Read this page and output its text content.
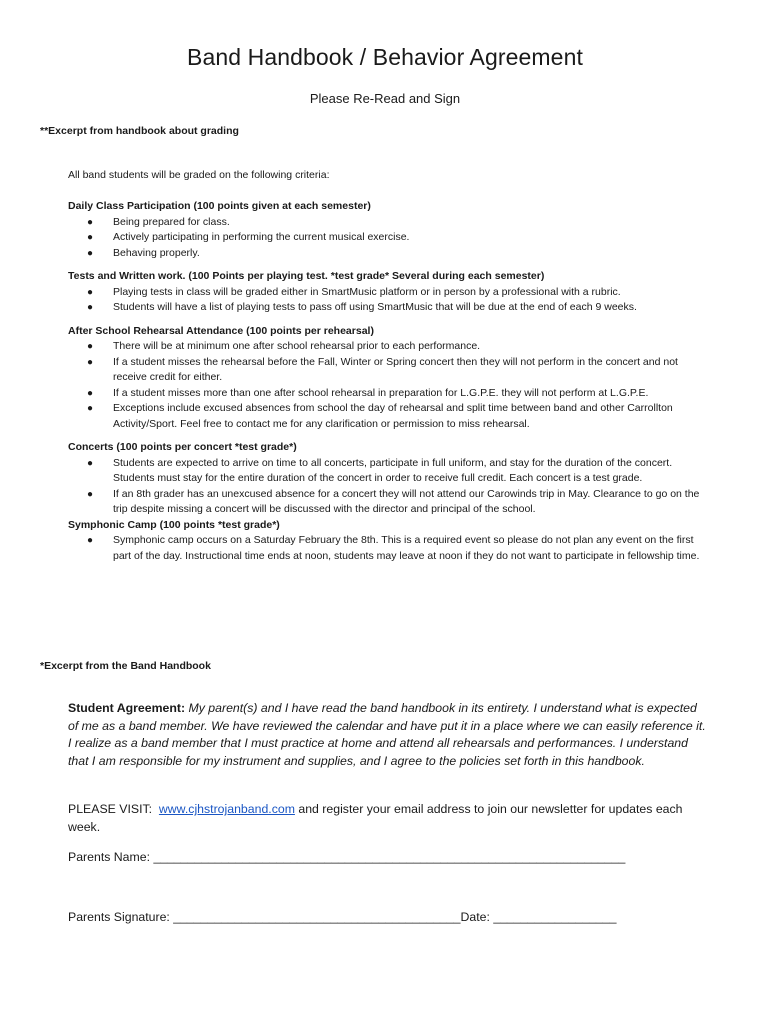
Band Handbook / Behavior Agreement
Please Re-Read and Sign
**Excerpt from handbook about grading

All band students will be graded on the following criteria:

Daily Class Participation (100 points given at each semester)

● Being prepared for class.
● Actively participating in performing the current musical exercise.
● Behaving properly.

Tests and Written work. (100 Points per playing test. *test grade* Several during each semester)

● Playing tests in class will be graded either in SmartMusic platform or in person by a professional with a rubric.
● Students will have a list of playing tests to pass off using SmartMusic that will be due at the end of each 9 weeks.

After School Rehearsal Attendance (100 points per rehearsal)

● There will be at minimum one after school rehearsal prior to each performance.
● If a student misses the rehearsal before the Fall, Winter or Spring concert then they will not perform in the concert and not receive credit for either.
● If a student misses more than one after school rehearsal in preparation for L.G.P.E. they will not perform at L.G.P.E.
● Exceptions include excused absences from school the day of rehearsal and split time between band and other Carrollton Activity/Sport. Feel free to contact me for any clarification or permission to miss rehearsal.

Concerts (100 points per concert *test grade*)

● Students are expected to arrive on time to all concerts, participate in full uniform, and stay for the duration of the concert. Students must stay for the entire duration of the concert in order to receive full credit. Each concert is a test grade.
● If an 8th grader has an unexcused absence for a concert they will not attend our Carowinds trip in May. Clearance to go on the trip despite missing a concert will be discussed with the director and principal of the school.

Symphonic Camp (100 points *test grade*)

● Symphonic camp occurs on a Saturday February the 8th. This is a required event so please do not plan any event on the first part of the day. Instructional time ends at noon, students may leave at noon if they do not want to participate in fellowship time.
*Excerpt from the Band Handbook
Student Agreement: My parent(s) and I have read the band handbook in its entirety. I understand what is expected of me as a band member. We have reviewed the calendar and have put it in a place where we can easily reference it. I realize as a band member that I must practice at home and attend all rehearsals and performances. I understand that I am responsible for my instrument and supplies, and I agree to the policies set forth in this handbook.
PLEASE VISIT: www.cjhstrojanband.com and register your email address to join our newsletter for updates each week.
Parents Name: _____________________________________________________________________
Parents Signature: __________________________________________Date: __________________
